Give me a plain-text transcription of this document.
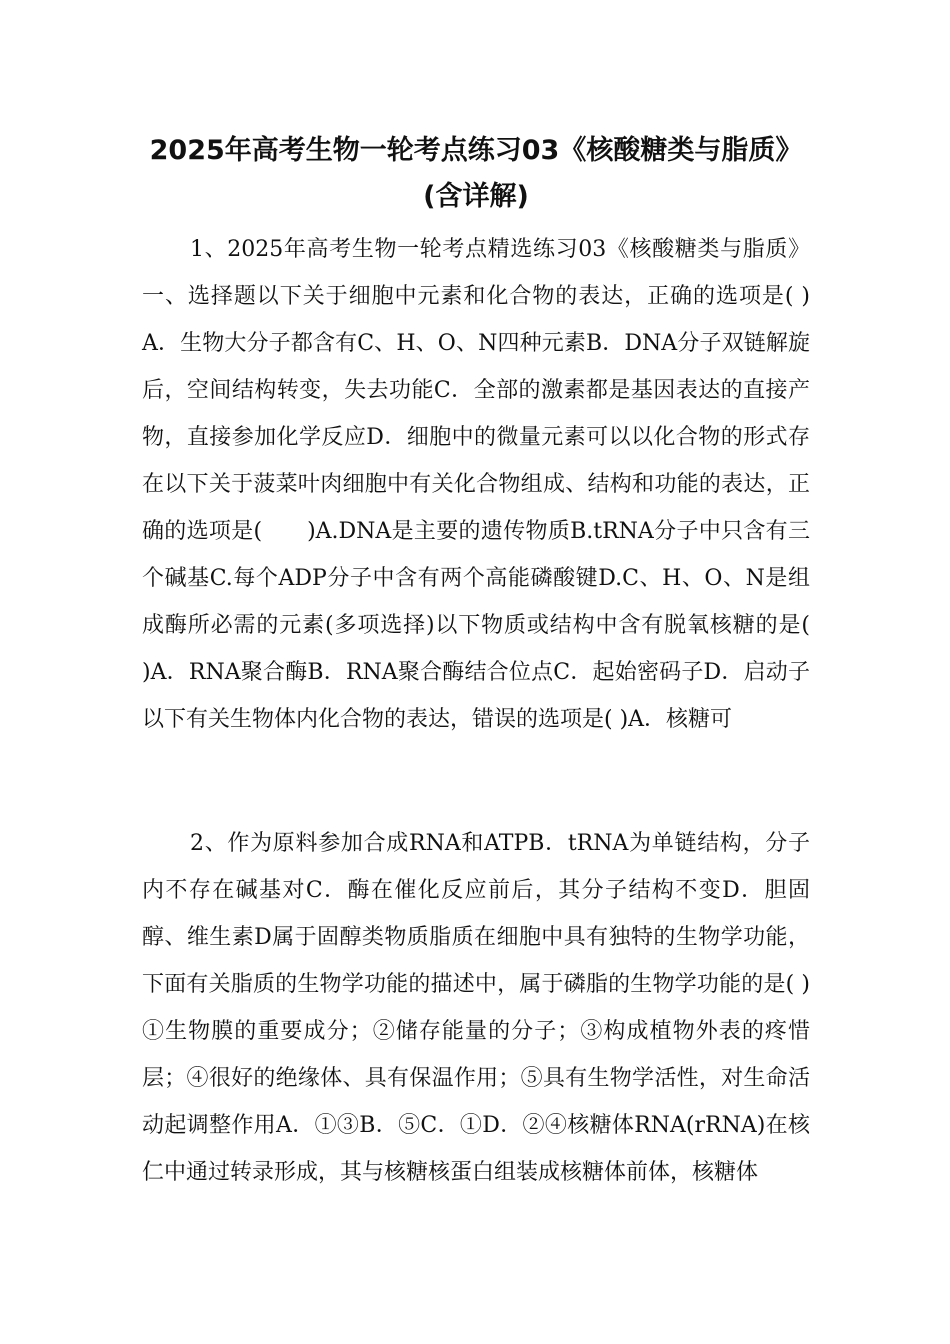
2025年高考生物一轮考点练习03《核酸糖类与脂质》(含详解)

1、2025年高考生物一轮考点精选练习03《核酸糖类与脂质》一、选择题以下关于细胞中元素和化合物的表达，正确的选项是( )A．生物大分子都含有C、H、O、N四种元素B．DNA分子双链解旋后，空间结构转变，失去功能C．全部的激素都是基因表达的直接产物，直接参加化学反应D．细胞中的微量元素可以以化合物的形式存在以下关于菠菜叶肉细胞中有关化合物组成、结构和功能的表达，正确的选项是(　　)A.DNA是主要的遗传物质B.tRNA分子中只含有三个碱基C.每个ADP分子中含有两个高能磷酸键D.C、H、O、N是组成酶所必需的元素(多项选择)以下物质或结构中含有脱氧核糖的是(　　)A．RNA聚合酶B．RNA聚合酶结合位点C．起始密码子D．启动子以下有关生物体内化合物的表达，错误的选项是( )A．核糖可

2、作为原料参加合成RNA和ATPB．tRNA为单链结构，分子内不存在碱基对C．酶在催化反应前后，其分子结构不变D．胆固醇、维生素D属于固醇类物质脂质在细胞中具有独特的生物学功能，下面有关脂质的生物学功能的描述中，属于磷脂的生物学功能的是( )①生物膜的重要成分；②储存能量的分子；③构成植物外表的疼惜层；④很好的绝缘体、具有保温作用；⑤具有生物学活性，对生命活动起调整作用A．①③B．⑤C．①D．②④核糖体RNA(rRNA)在核仁中通过转录形成，其与核糖核蛋白组装成核糖体前体，核糖体
